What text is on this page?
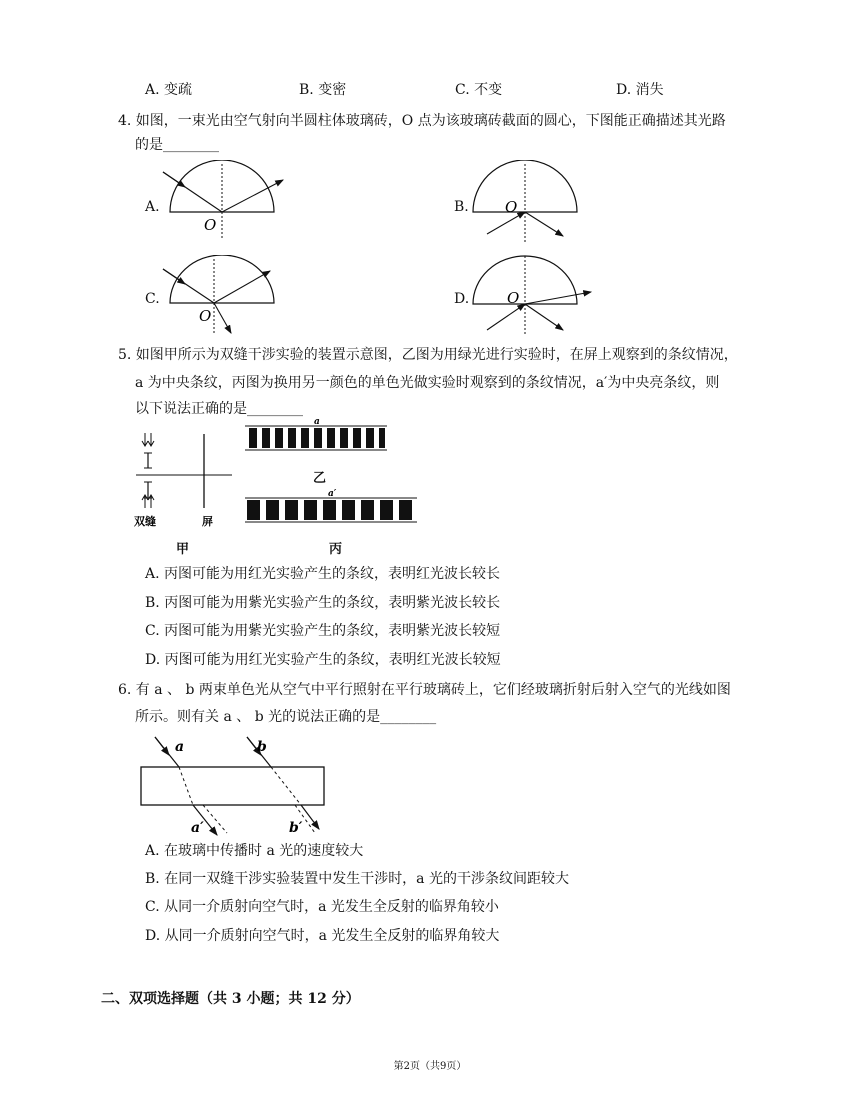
A. 变疏	B. 变密	C. 不变	D. 消失
4. 如图，一束光由空气射向半圆柱体玻璃砖，O 点为该玻璃砖截面的圆心，下图能正确描述其光路
的是________
A.	B.
C.	D.
O
O
O
O
5. 如图甲所示为双缝干涉实验的装置示意图，乙图为用绿光进行实验时，在屏上观察到的条纹情况，
a 为中央条纹，丙图为换用另一颜色的单色光做实验时观察到的条纹情况，a′为中央亮条纹，则
以下说法正确的是________
双缝	屏
甲
a
乙
a′
丙
A. 丙图可能为用红光实验产生的条纹，表明红光波长较长
B. 丙图可能为用紫光实验产生的条纹，表明紫光波长较长
C. 丙图可能为用紫光实验产生的条纹，表明紫光波长较短
D. 丙图可能为用红光实验产生的条纹，表明红光波长较短
6. 有 a 、 b 两束单色光从空气中平行照射在平行玻璃砖上，它们经玻璃折射后射入空气的光线如图
所示。则有关 a 、 b 光的说法正确的是________
a	b
a′	b′
A. 在玻璃中传播时 a 光的速度较大
B. 在同一双缝干涉实验装置中发生干涉时，a 光的干涉条纹间距较大
C. 从同一介质射向空气时，a 光发生全反射的临界角较小
D. 从同一介质射向空气时，a 光发生全反射的临界角较大
二、双项选择题（共 3 小题；共 12 分）
第2页（共9页）
